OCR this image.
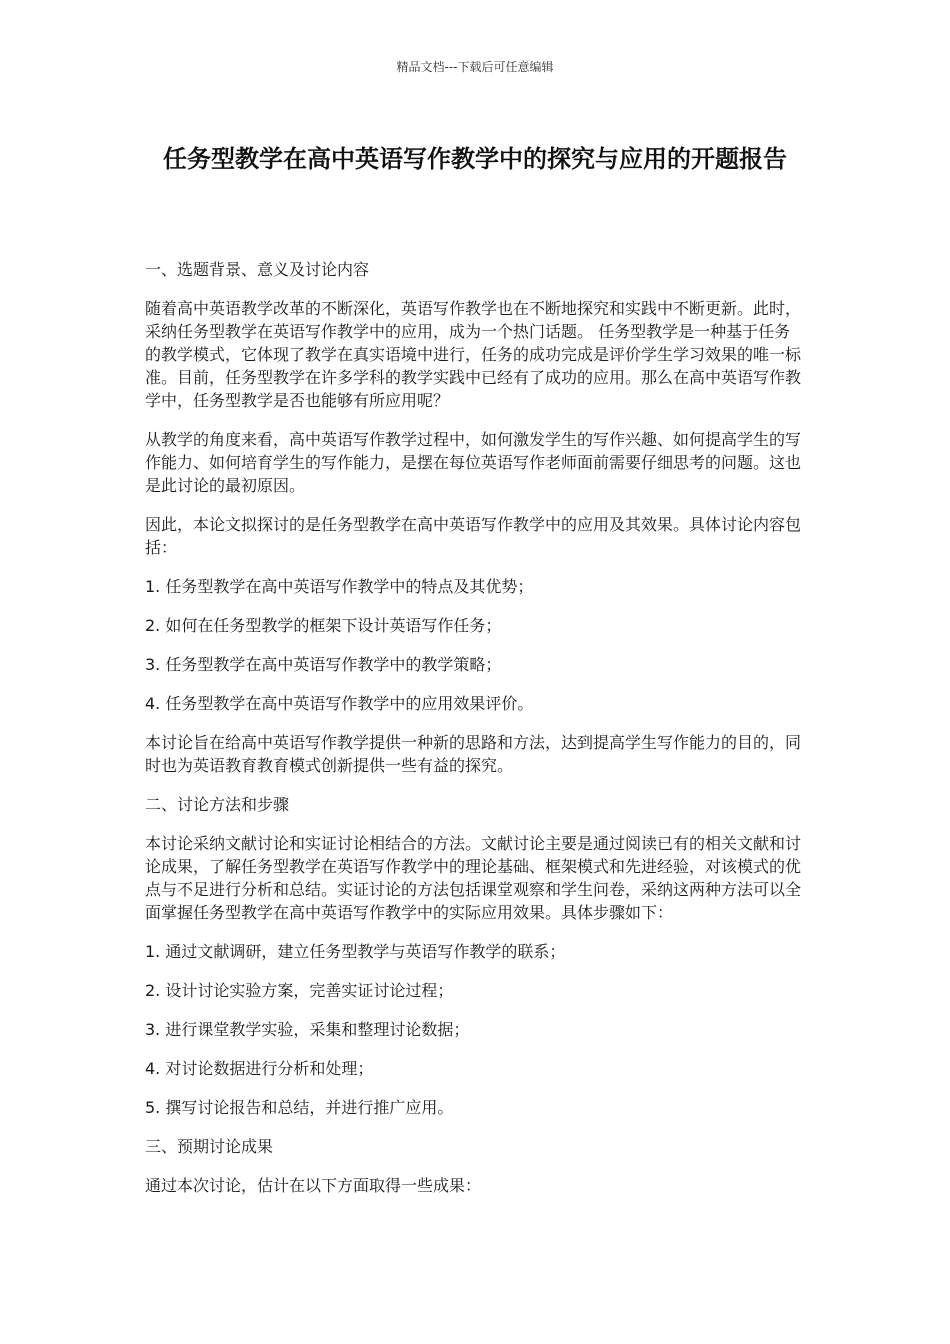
精品文档---下载后可任意编辑
任务型教学在高中英语写作教学中的探究与应用的开题报告

一、选题背景、意义及讨论内容

随着高中英语教学改革的不断深化，英语写作教学也在不断地探究和实践中不断更新。此时，采纳任务型教学在英语写作教学中的应用，成为一个热门话题。 任务型教学是一种基于任务的教学模式，它体现了教学在真实语境中进行，任务的成功完成是评价学生学习效果的唯一标准。目前，任务型教学在许多学科的教学实践中已经有了成功的应用。那么在高中英语写作教学中，任务型教学是否也能够有所应用呢？

从教学的角度来看，高中英语写作教学过程中，如何激发学生的写作兴趣、如何提高学生的写作能力、如何培育学生的写作能力，是摆在每位英语写作老师面前需要仔细思考的问题。这也是此讨论的最初原因。

因此，本论文拟探讨的是任务型教学在高中英语写作教学中的应用及其效果。具体讨论内容包括：

1. 任务型教学在高中英语写作教学中的特点及其优势；

2. 如何在任务型教学的框架下设计英语写作任务；

3. 任务型教学在高中英语写作教学中的教学策略；

4. 任务型教学在高中英语写作教学中的应用效果评价。

本讨论旨在给高中英语写作教学提供一种新的思路和方法，达到提高学生写作能力的目的，同时也为英语教育教育模式创新提供一些有益的探究。

二、讨论方法和步骤

本讨论采纳文献讨论和实证讨论相结合的方法。文献讨论主要是通过阅读已有的相关文献和讨论成果，了解任务型教学在英语写作教学中的理论基础、框架模式和先进经验，对该模式的优点与不足进行分析和总结。实证讨论的方法包括课堂观察和学生问卷，采纳这两种方法可以全面掌握任务型教学在高中英语写作教学中的实际应用效果。具体步骤如下：

1. 通过文献调研，建立任务型教学与英语写作教学的联系；

2. 设计讨论实验方案，完善实证讨论过程；

3. 进行课堂教学实验，采集和整理讨论数据；

4. 对讨论数据进行分析和处理；

5. 撰写讨论报告和总结，并进行推广应用。

三、预期讨论成果

通过本次讨论，估计在以下方面取得一些成果：
